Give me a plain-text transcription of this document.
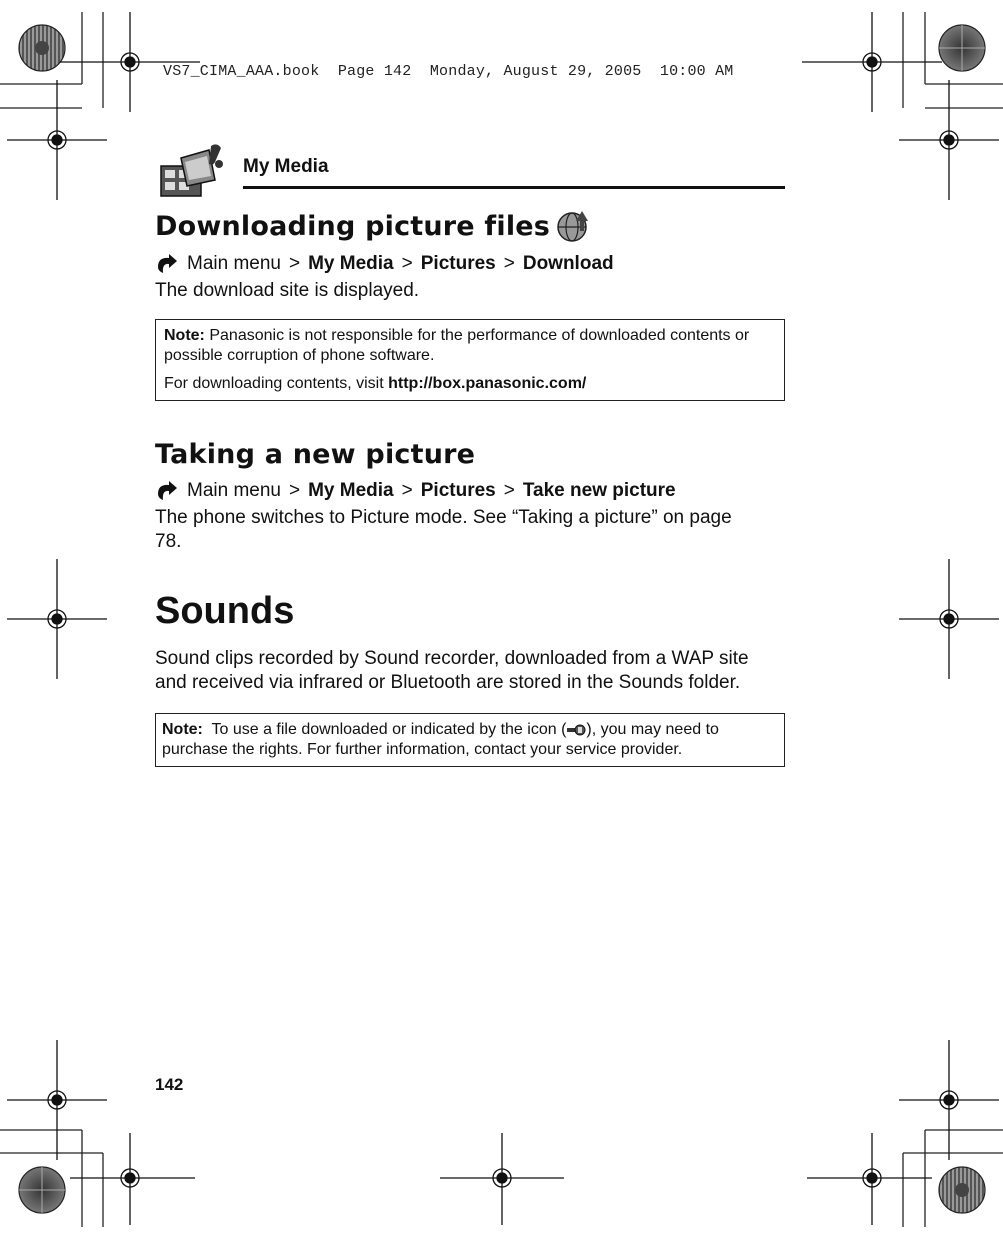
VS7_CIMA_AAA.book  Page 142  Monday, August 29, 2005  10:00 AM
My Media
Downloading picture files
Main menu > My Media > Pictures > Download

The download site is displayed.

Note: Panasonic is not responsible for the performance of downloaded contents or possible corruption of phone software.

For downloading contents, visit http://box.panasonic.com/

Taking a new picture
Main menu > My Media > Pictures > Take new picture

The phone switches to Picture mode. See “Taking a picture” on page 78.

Sounds

Sound clips recorded by Sound recorder, downloaded from a WAP site and received via infrared or Bluetooth are stored in the Sounds folder.

Note: To use a file downloaded or indicated by the icon ( ), you may need to purchase the rights. For further information, contact your service provider.

142
